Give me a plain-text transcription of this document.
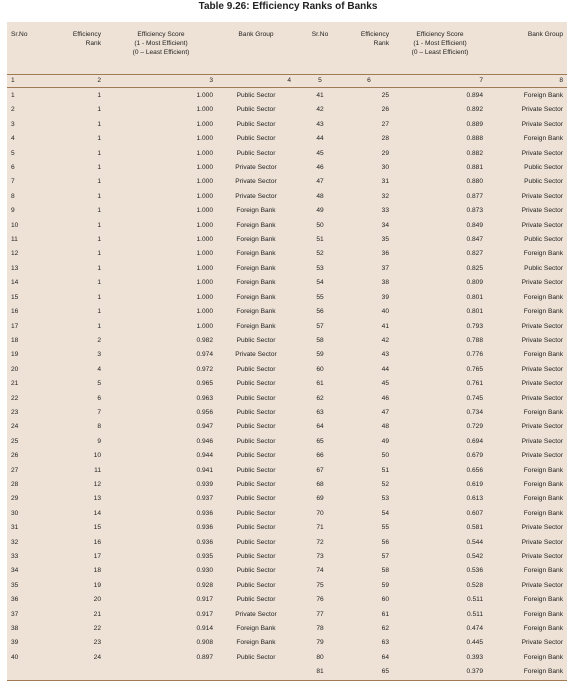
Table 9.26: Efficiency Ranks of Banks
Sr.No	Efficiency
Rank	Efficiency Score
(1 - Most Efficient)
(0 – Least Efficient)	Bank Group	Sr.No	Efficiency
Rank	Efficiency Score
(1 - Most Efficient)
(0 – Least Efficient)	Bank Group
1	2	3	4	5	6	7	8
1	1	1.000	Public Sector	41	25	0.894	Foreign Bank
2	1	1.000	Public Sector	42	26	0.892	Private Sector
3	1	1.000	Public Sector	43	27	0.889	Private Sector
4	1	1.000	Public Sector	44	28	0.888	Foreign Bank
5	1	1.000	Public Sector	45	29	0.882	Private Sector
6	1	1.000	Private Sector	46	30	0.881	Public Sector
7	1	1.000	Private Sector	47	31	0.880	Public Sector
8	1	1.000	Private Sector	48	32	0.877	Private Sector
9	1	1.000	Foreign Bank	49	33	0.873	Private Sector
10	1	1.000	Foreign Bank	50	34	0.849	Private Sector
11	1	1.000	Foreign Bank	51	35	0.847	Public Sector
12	1	1.000	Foreign Bank	52	36	0.827	Foreign Bank
13	1	1.000	Foreign Bank	53	37	0.825	Public Sector
14	1	1.000	Foreign Bank	54	38	0.809	Private Sector
15	1	1.000	Foreign Bank	55	39	0.801	Foreign Bank
16	1	1.000	Foreign Bank	56	40	0.801	Foreign Bank
17	1	1.000	Foreign Bank	57	41	0.793	Private Sector
18	2	0.982	Public Sector	58	42	0.788	Private Sector
19	3	0.974	Private Sector	59	43	0.776	Foreign Bank
20	4	0.972	Public Sector	60	44	0.765	Private Sector
21	5	0.965	Public Sector	61	45	0.761	Private Sector
22	6	0.963	Public Sector	62	46	0.745	Private Sector
23	7	0.956	Public Sector	63	47	0.734	Foreign Bank
24	8	0.947	Public Sector	64	48	0.729	Private Sector
25	9	0.946	Public Sector	65	49	0.694	Private Sector
26	10	0.944	Public Sector	66	50	0.679	Private Sector
27	11	0.941	Public Sector	67	51	0.656	Foreign Bank
28	12	0.939	Public Sector	68	52	0.619	Foreign Bank
29	13	0.937	Public Sector	69	53	0.613	Foreign Bank
30	14	0.936	Public Sector	70	54	0.607	Foreign Bank
31	15	0.936	Public Sector	71	55	0.581	Private Sector
32	16	0.936	Public Sector	72	56	0.544	Private Sector
33	17	0.935	Public Sector	73	57	0.542	Private Sector
34	18	0.930	Public Sector	74	58	0.536	Foreign Bank
35	19	0.928	Public Sector	75	59	0.528	Private Sector
36	20	0.917	Public Sector	76	60	0.511	Foreign Bank
37	21	0.917	Private Sector	77	61	0.511	Foreign Bank
38	22	0.914	Foreign Bank	78	62	0.474	Foreign Bank
39	23	0.908	Foreign Bank	79	63	0.445	Private Sector
40	24	0.897	Public Sector	80	64	0.393	Foreign Bank
				81	65	0.379	Foreign Bank
